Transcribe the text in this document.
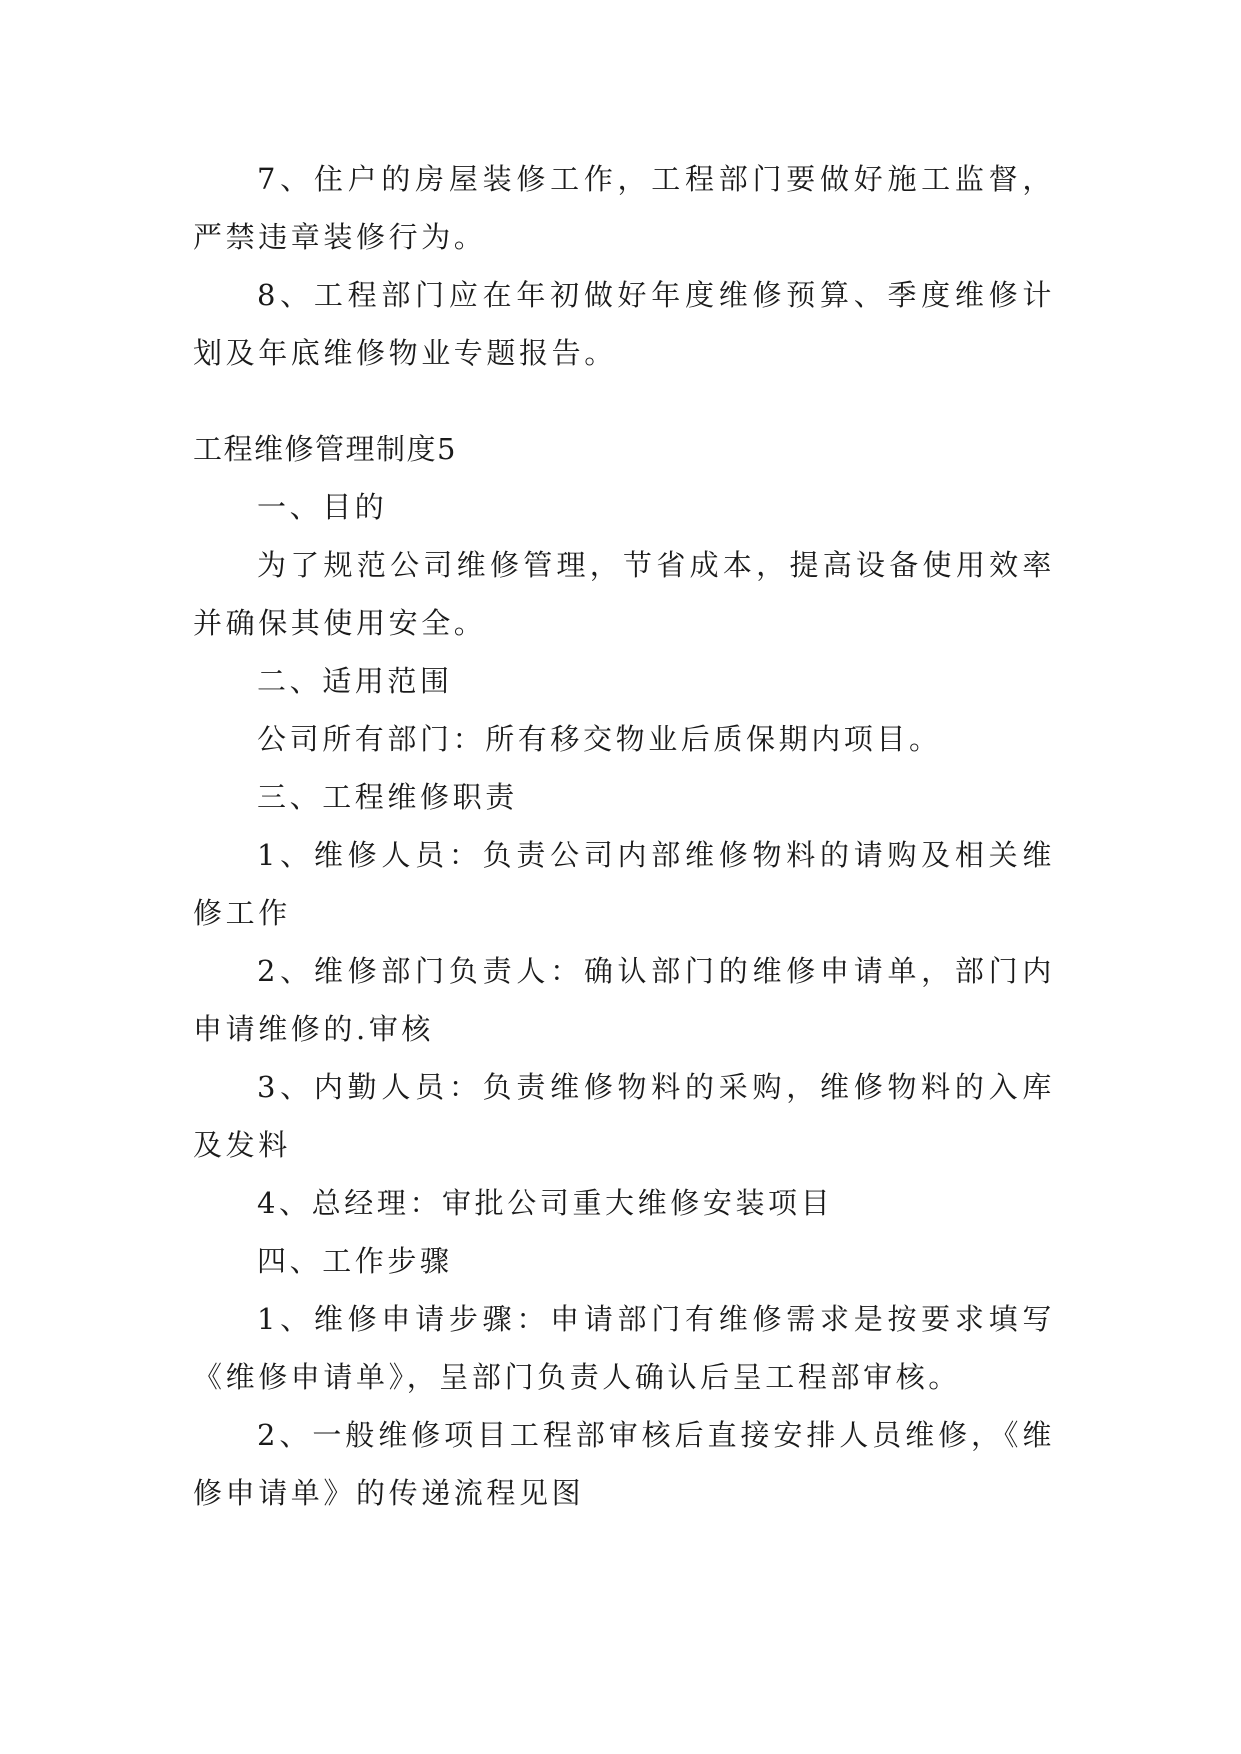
7、住户的房屋装修工作，工程部门要做好施工监督，严禁违章装修行为。

8、工程部门应在年初做好年度维修预算、季度维修计划及年底维修物业专题报告。

工程维修管理制度5

一、目的

为了规范公司维修管理，节省成本，提高设备使用效率并确保其使用安全。

二、适用范围

公司所有部门：所有移交物业后质保期内项目。

三、工程维修职责

1、维修人员：负责公司内部维修物料的请购及相关维修工作

2、维修部门负责人：确认部门的维修申请单，部门内申请维修的.审核

3、内勤人员：负责维修物料的采购，维修物料的入库及发料

4、总经理：审批公司重大维修安装项目

四、工作步骤

1、维修申请步骤：申请部门有维修需求是按要求填写《维修申请单》，呈部门负责人确认后呈工程部审核。

2、一般维修项目工程部审核后直接安排人员维修，《维修申请单》的传递流程见图
